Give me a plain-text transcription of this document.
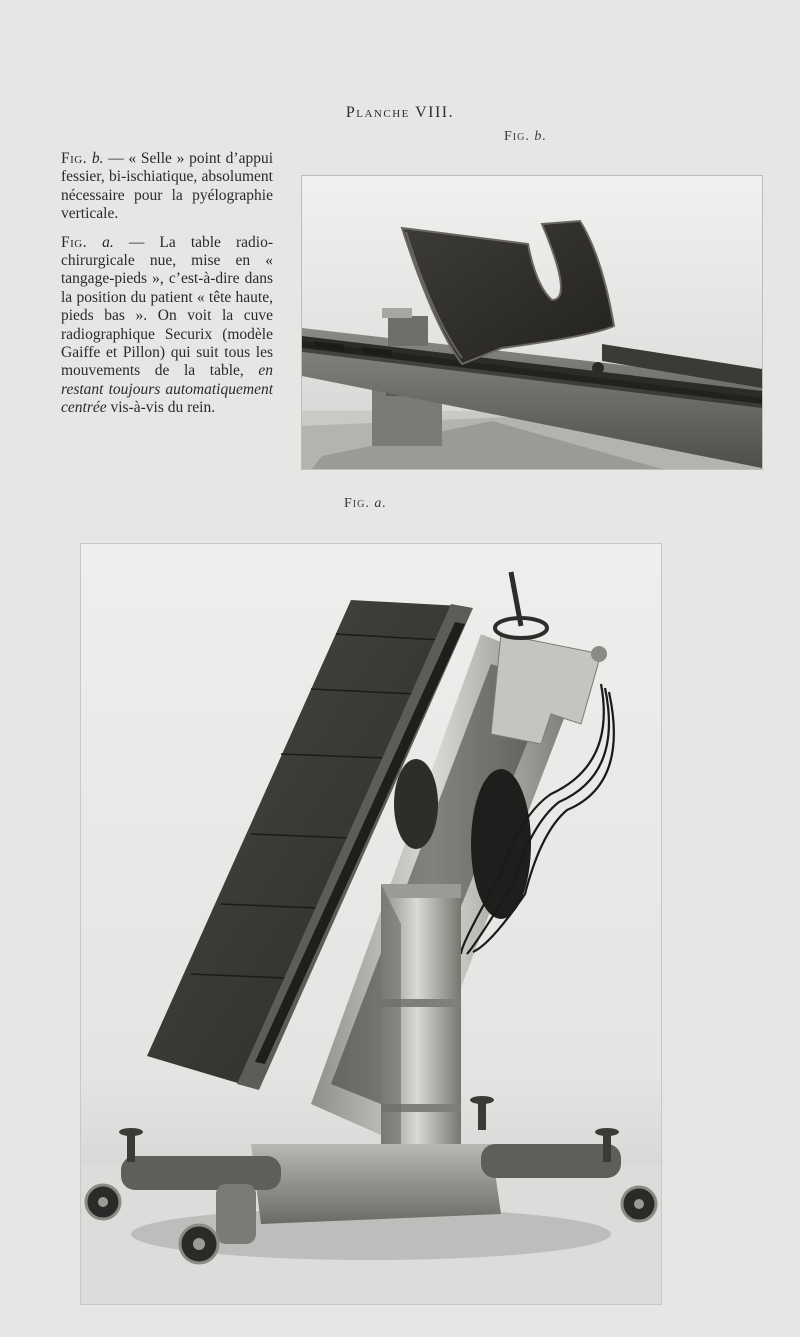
Planche VIII.
Fig. b.

Fig. b. — « Selle » point d’appui fessier, bi-ischiatique, absolument nécessaire pour la pyélographie verticale.

Fig. a. — La table radio-chirurgicale nue, mise en « tangage-pieds », c’est-à-dire dans la position du patient « tête haute, pieds bas ». On voit la cuve radiographique Securix (modèle Gaiffe et Pillon) qui suit tous les mouvements de la table, en restant toujours automatiquement centrée vis-à-vis du rein.

Fig. a.
